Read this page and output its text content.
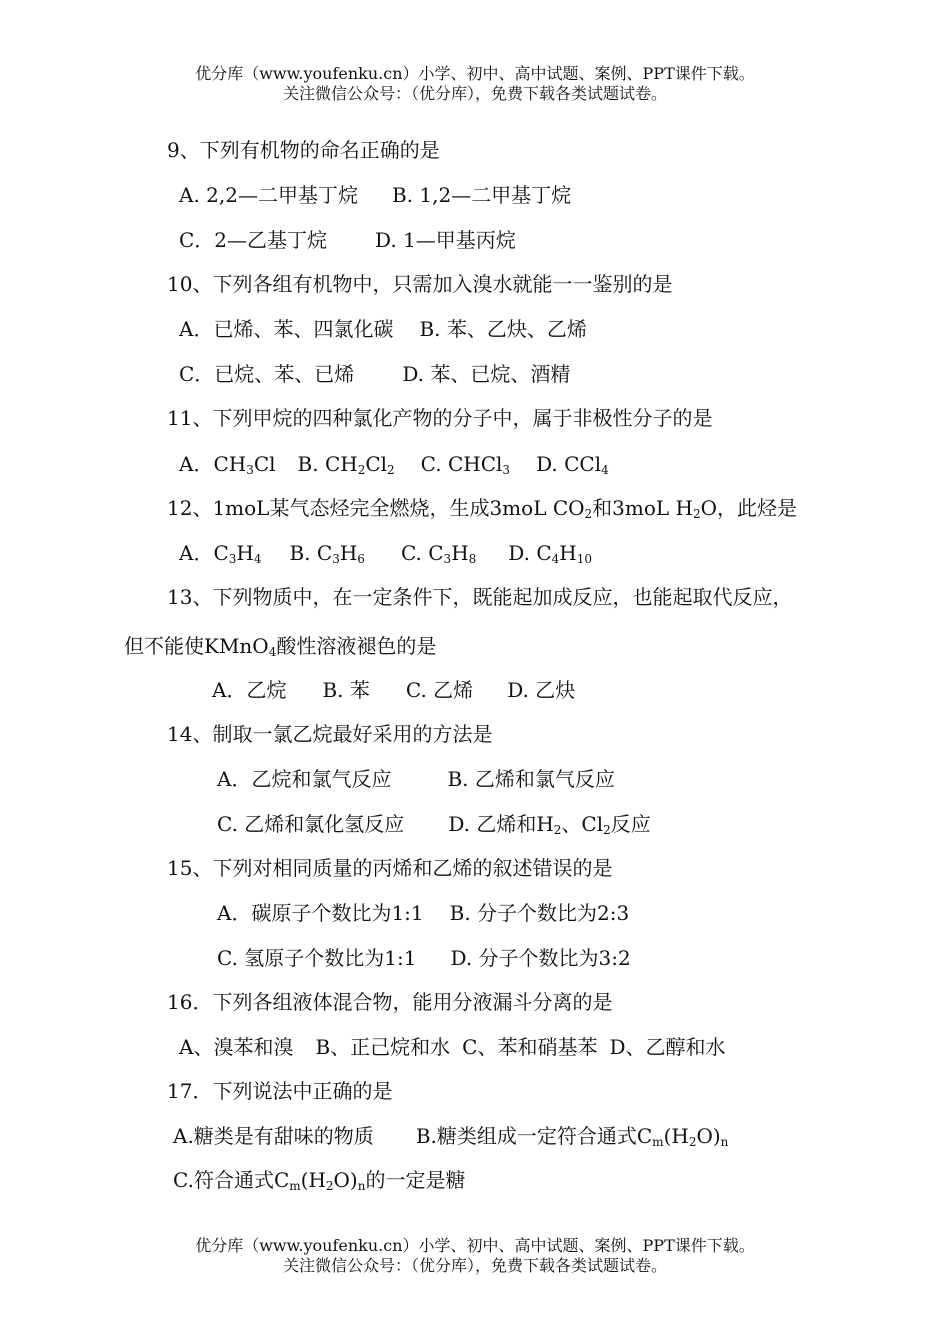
优分库（www.youfenku.cn）小学、初中、高中试题、案例、PPT课件下载。
关注微信公众号：（优分库），免费下载各类试题试卷。
9、下列有机物的命名正确的是
A. 2,2—二甲基丁烷 B. 1,2—二甲基丁烷
C．2—乙基丁烷 D. 1—甲基丙烷
10、下列各组有机物中，只需加入溴水就能一一鉴别的是
A．已烯、苯、四氯化碳 B. 苯、乙炔、乙烯
C．已烷、苯、已烯 D. 苯、已烷、酒精
11、下列甲烷的四种氯化产物的分子中，属于非极性分子的是
A．$CH_3Cl$ B. $CH_2Cl_2$ C. CHCl$_3$ D. CCl$_4$
12、1moL某气态烃完全燃烧，生成3moL $CO_2$和3moL $H_2O$，此烃是
A．$C_3H_4$ B. $C_3H_6$ C. $C_3H_8$ D. $C_4H_{10}$
13、下列物质中，在一定条件下，既能起加成反应，也能起取代反应，
但不能使KMnO$_4$酸性溶液褪色的是
A．乙烷 B. 苯 C. 乙烯 D. 乙炔
14、制取一氯乙烷最好采用的方法是
A．乙烷和氯气反应	B. 乙烯和氯气反应
C. 乙烯和氯化氢反应 D. 乙烯和$H_2$、$Cl_2$反应
15、下列对相同质量的丙烯和乙烯的叙述错误的是
A．碳原子个数比为1:1 B. 分子个数比为2:3
C. 氢原子个数比为1:1 D. 分子个数比为3:2
16．下列各组液体混合物，能用分液漏斗分离的是
A、溴苯和溴 B、正己烷和水 C、苯和硝基苯 D、乙醇和水
17．下列说法中正确的是
A.糖类是有甜味的物质 B.糖类组成一定符合通式$C_m(H_2O)_n$
C.符合通式$C_m(H_2O)_n$的一定是糖
优分库（www.youfenku.cn）小学、初中、高中试题、案例、PPT课件下载。
关注微信公众号：（优分库），免费下载各类试题试卷。
